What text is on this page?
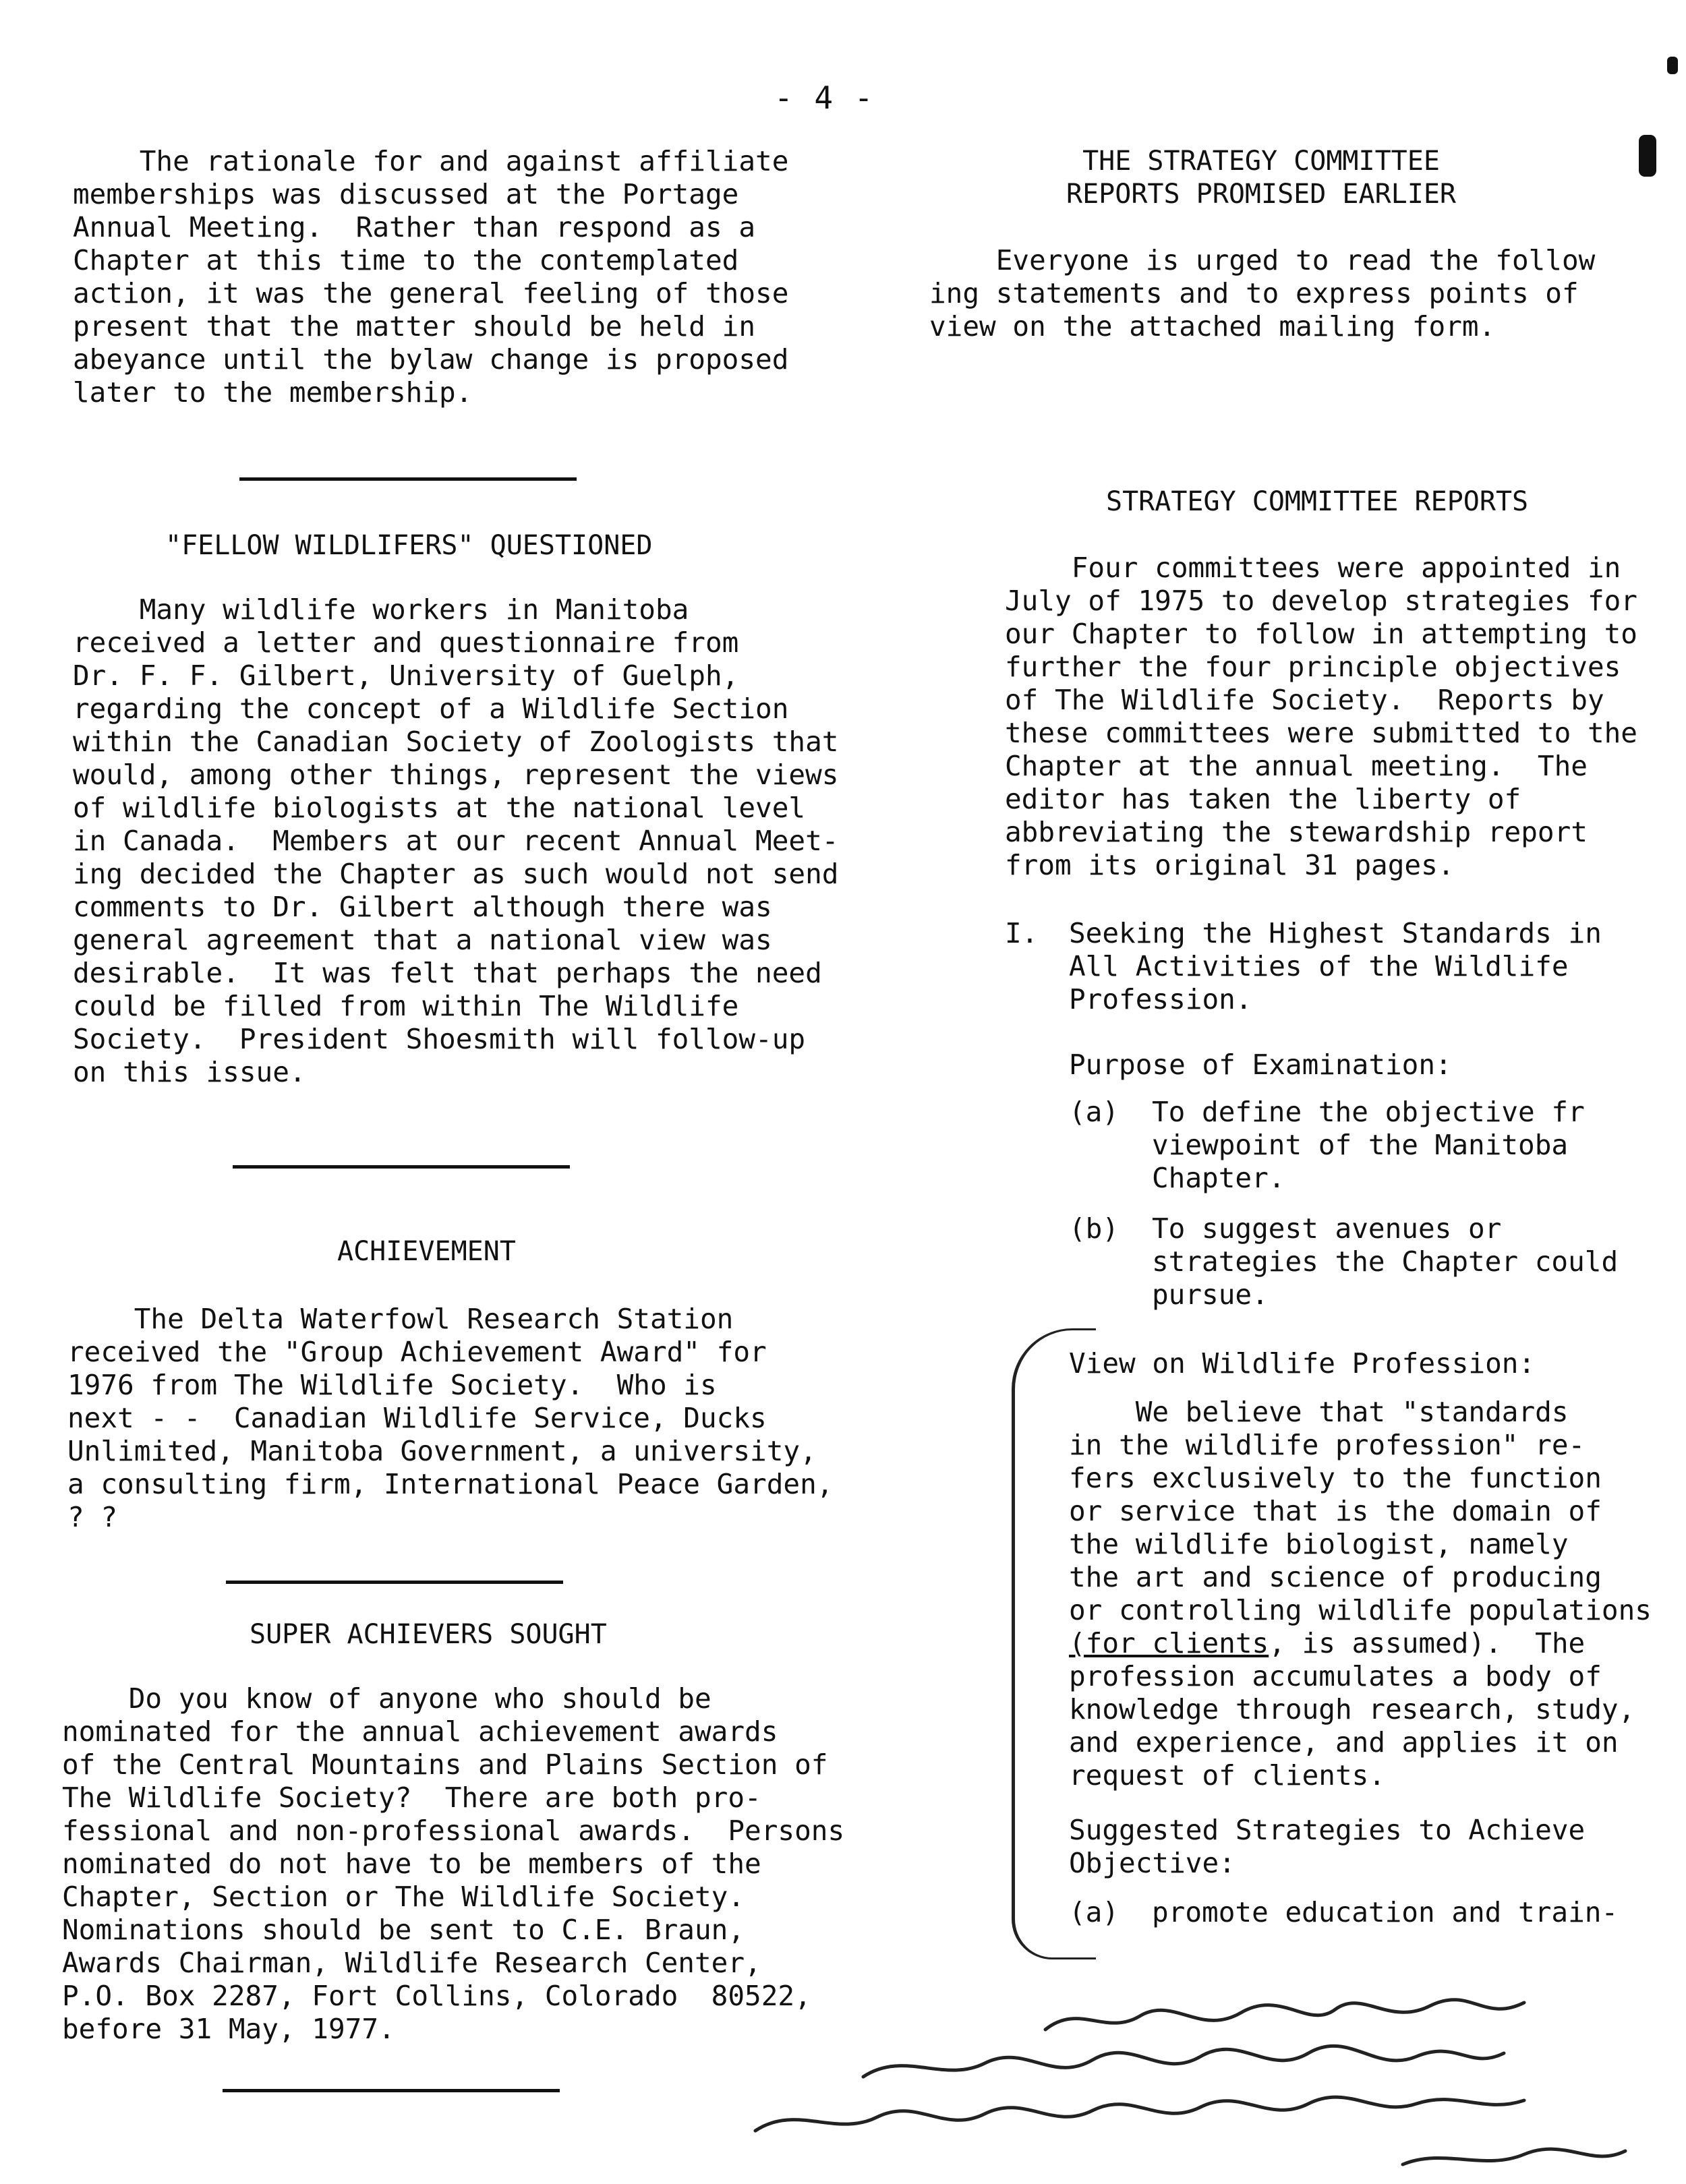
- 4 -
The rationale for and against affiliate
memberships was discussed at the Portage
Annual Meeting.  Rather than respond as a
Chapter at this time to the contemplated
action, it was the general feeling of those
present that the matter should be held in
abeyance until the bylaw change is proposed
later to the membership.
"FELLOW WILDLIFERS" QUESTIONED
Many wildlife workers in Manitoba
received a letter and questionnaire from
Dr. F. F. Gilbert, University of Guelph,
regarding the concept of a Wildlife Section
within the Canadian Society of Zoologists that
would, among other things, represent the views
of wildlife biologists at the national level
in Canada.  Members at our recent Annual Meet-
ing decided the Chapter as such would not send
comments to Dr. Gilbert although there was
general agreement that a national view was
desirable.  It was felt that perhaps the need
could be filled from within The Wildlife
Society.  President Shoesmith will follow-up
on this issue.
ACHIEVEMENT
The Delta Waterfowl Research Station
received the "Group Achievement Award" for
1976 from The Wildlife Society.  Who is
next - -  Canadian Wildlife Service, Ducks
Unlimited, Manitoba Government, a university,
a consulting firm, International Peace Garden,
? ?
SUPER ACHIEVERS SOUGHT
Do you know of anyone who should be
nominated for the annual achievement awards
of the Central Mountains and Plains Section of
The Wildlife Society?  There are both pro-
fessional and non-professional awards.  Persons
nominated do not have to be members of the
Chapter, Section or The Wildlife Society.
Nominations should be sent to C.E. Braun,
Awards Chairman, Wildlife Research Center,
P.O. Box 2287, Fort Collins, Colorado  80522,
before 31 May, 1977.
THE STRATEGY COMMITTEE
REPORTS PROMISED EARLIER
Everyone is urged to read the follow
ing statements and to express points of
view on the attached mailing form.
STRATEGY COMMITTEE REPORTS
Four committees were appointed in
July of 1975 to develop strategies for
our Chapter to follow in attempting to
further the four principle objectives
of The Wildlife Society.  Reports by
these committees were submitted to the
Chapter at the annual meeting.  The
editor has taken the liberty of
abbreviating the stewardship report
from its original 31 pages.
I. Seeking the Highest Standards in
All Activities of the Wildlife
Profession.
Purpose of Examination:
(a) To define the objective fr
viewpoint of the Manitoba
Chapter.
(b) To suggest avenues or
strategies the Chapter could
pursue.
View on Wildlife Profession:
We believe that "standards
in the wildlife profession" re-
fers exclusively to the function
or service that is the domain of
the wildlife biologist, namely
the art and science of producing
or controlling wildlife populations
(for clients, is assumed).  The
profession accumulates a body of
knowledge through research, study,
and experience, and applies it on
request of clients.
Suggested Strategies to Achieve
Objective:
(a) promote education and train-
